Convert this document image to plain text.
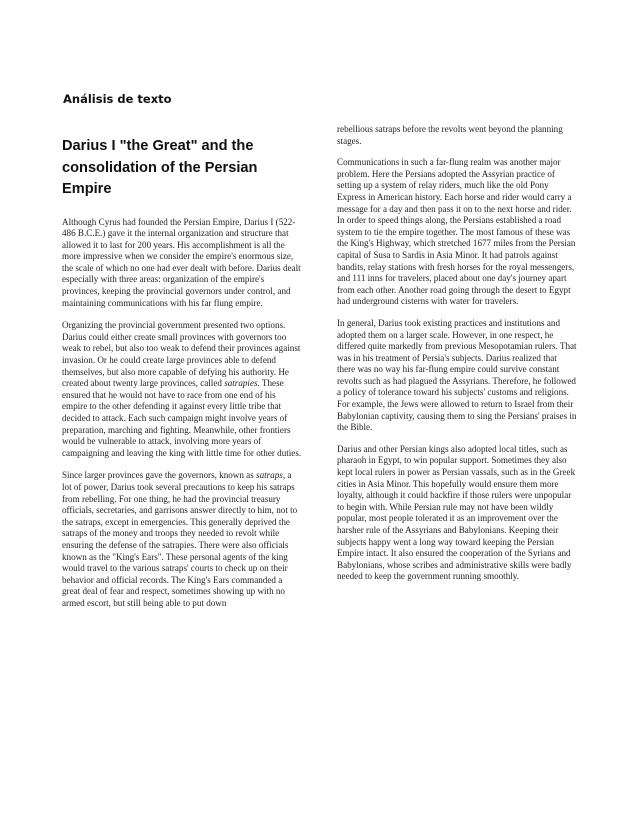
Análisis de texto
Darius I "the Great" and the consolidation of the Persian Empire

Although Cyrus had founded the Persian Empire, Darius I (522-486 B.C.E.) gave it the internal organization and structure that allowed it to last for 200 years. His accomplishment is all the more impressive when we consider the empire's enormous size, the scale of which no one had ever dealt with before. Darius dealt especially with three areas: organization of the empire's provinces, keeping the provincial governors under control, and maintaining communications with his far flung empire.

Organizing the provincial government presented two options. Darius could either create small provinces with governors too weak to rebel, but also too weak to defend their provinces against invasion. Or he could create large provinces able to defend themselves, but also more capable of defying his authority. He created about twenty large provinces, called satrapies. These ensured that he would not have to race from one end of his empire to the other defending it against every little tribe that decided to attack. Each such campaign might involve years of preparation, marching and fighting. Meanwhile, other frontiers would be vulnerable to attack, involving more years of campaigning and leaving the king with little time for other duties.

Since larger provinces gave the governors, known as satraps, a lot of power, Darius took several precautions to keep his satraps from rebelling. For one thing, he had the provincial treasury officials, secretaries, and garrisons answer directly to him, not to the satraps, except in emergencies. This generally deprived the satraps of the money and troops they needed to revolt while ensuring the defense of the satrapies. There were also officials known as the "King's Ears". These personal agents of the king would travel to the various satraps' courts to check up on their behavior and official records. The King's Ears commanded a great deal of fear and respect, sometimes showing up with no armed escort, but still being able to put down

rebellious satraps before the revolts went beyond the planning stages.

Communications in such a far-flung realm was another major problem. Here the Persians adopted the Assyrian practice of setting up a system of relay riders, much like the old Pony Express in American history. Each horse and rider would carry a message for a day and then pass it on to the next horse and rider. In order to speed things along, the Persians established a road system to tie the empire together. The most famous of these was the King's Highway, which stretched 1677 miles from the Persian capital of Susa to Sardis in Asia Minor. It had patrols against bandits, relay stations with fresh horses for the royal messengers, and 111 inns for travelers, placed about one day's journey apart from each other. Another road going through the desert to Egypt had underground cisterns with water for travelers.

In general, Darius took existing practices and institutions and adopted them on a larger scale. However, in one respect, he differed quite markedly from previous Mesopotamian rulers. That was in his treatment of Persia's subjects. Darius realized that there was no way his far-flung empire could survive constant revolts such as had plagued the Assyrians. Therefore, he followed a policy of tolerance toward his subjects' customs and religions. For example, the Jews were allowed to return to Israel from their Babylonian captivity, causing them to sing the Persians' praises in the Bible.

Darius and other Persian kings also adopted local titles, such as pharaoh in Egypt, to win popular support. Sometimes they also kept local rulers in power as Persian vassals, such as in the Greek cities in Asia Minor. This hopefully would ensure them more loyalty, although it could backfire if those rulers were unpopular to begin with. While Persian rule may not have been wildly popular, most people tolerated it as an improvement over the harsher rule of the Assyrians and Babylonians. Keeping their subjects happy went a long way toward keeping the Persian Empire intact. It also ensured the cooperation of the Syrians and Babylonians, whose scribes and administrative skills were badly needed to keep the government running smoothly.
